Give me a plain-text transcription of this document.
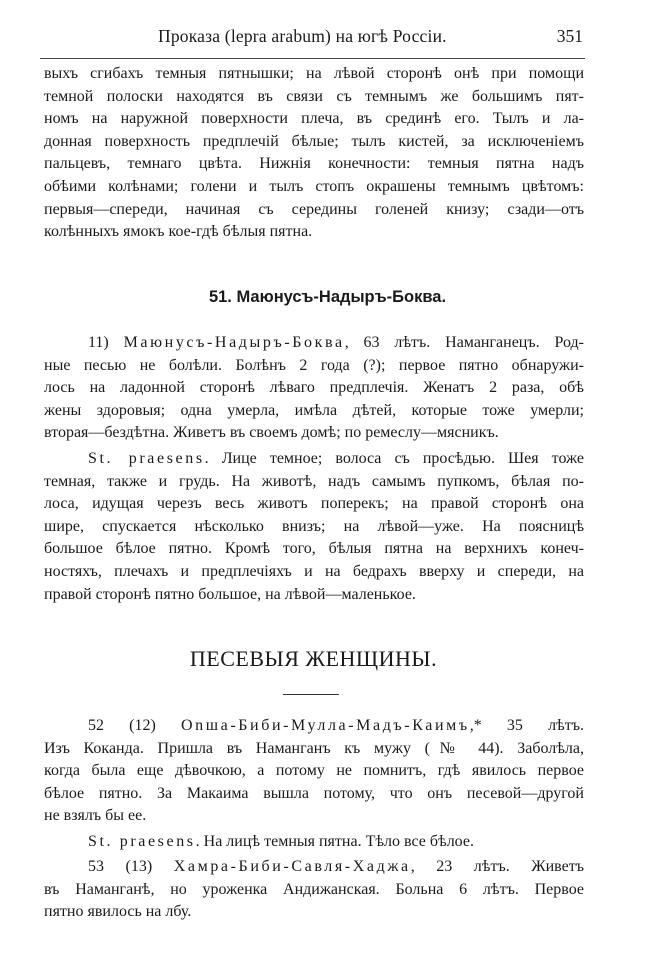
Проказа (lepra arabum) на югѣ Россіи.	351
выхъ сгибахъ темныя пятнышки; на лѣвой сторонѣ онѣ при помощи
темной полоски находятся въ связи съ темнымъ же большимъ пят-
номъ на наружной поверхности плеча, въ срединѣ его. Тылъ и ла-
донная поверхность предплечій бѣлые; тылъ кистей, за исключеніемъ
пальцевъ, темнаго цвѣта. Нижнія конечности: темныя пятна надъ
обѣими колѣнами; голени и тылъ стопъ окрашены темнымъ цвѣтомъ:
первыя—спереди, начиная съ середины голеней книзу; сзади—отъ
колѣнныхъ ямокъ кое-гдѣ бѣлыя пятна.
51. Маюнусъ-Надыръ-Боква.
11) Маюнусъ-Надыръ-Боква, 63 лѣтъ. Наманганецъ. Род-
ные песью не болѣли. Болѣнъ 2 года (?); первое пятно обнаружи-
лось на ладонной сторонѣ лѣваго предплечія. Женатъ 2 раза, обѣ
жены здоровыя; одна умерла, имѣла дѣтей, которые тоже умерли;
вторая—бездѣтна. Живетъ въ своемъ домѣ; по ремеслу—мясникъ.
St. praesens. Лице темное; волоса съ просѣдью. Шея тоже
темная, также и грудь. На животѣ, надъ самымъ пупкомъ, бѣлая по-
лоса, идущая черезъ весь животъ поперекъ; на правой сторонѣ она
шире, спускается нѣсколько внизъ; на лѣвой—уже. На поясницѣ
большое бѣлое пятно. Кромѣ того, бѣлыя пятна на верхнихъ конеч-
ностяхъ, плечахъ и предплечіяхъ и на бедрахъ вверху и спереди, на
правой сторонѣ пятно большое, на лѣвой—маленькое.
ПЕСЕВЫЯ ЖЕНЩИНЫ.
52 (12) Оnша-Биби-Мулла-Мадъ-Каимъ,* 35 лѣтъ.
Изъ Коканда. Пришла въ Наманганъ къ мужу (№ 44). Заболѣла,
когда была еще дѣвочкою, а потому не помнитъ, гдѣ явилось первое
бѣлое пятно. За Макаима вышла потому, что онъ песевой—другой
не взялъ бы ее.
St. praesens. На лицѣ темныя пятна. Тѣло все бѣлое.
53 (13) Хамра-Биби-Савля-Хаджа, 23 лѣтъ. Живетъ
въ Наманганѣ, но уроженка Андижанская. Больна 6 лѣтъ. Первое
пятно явилось на лбу.
